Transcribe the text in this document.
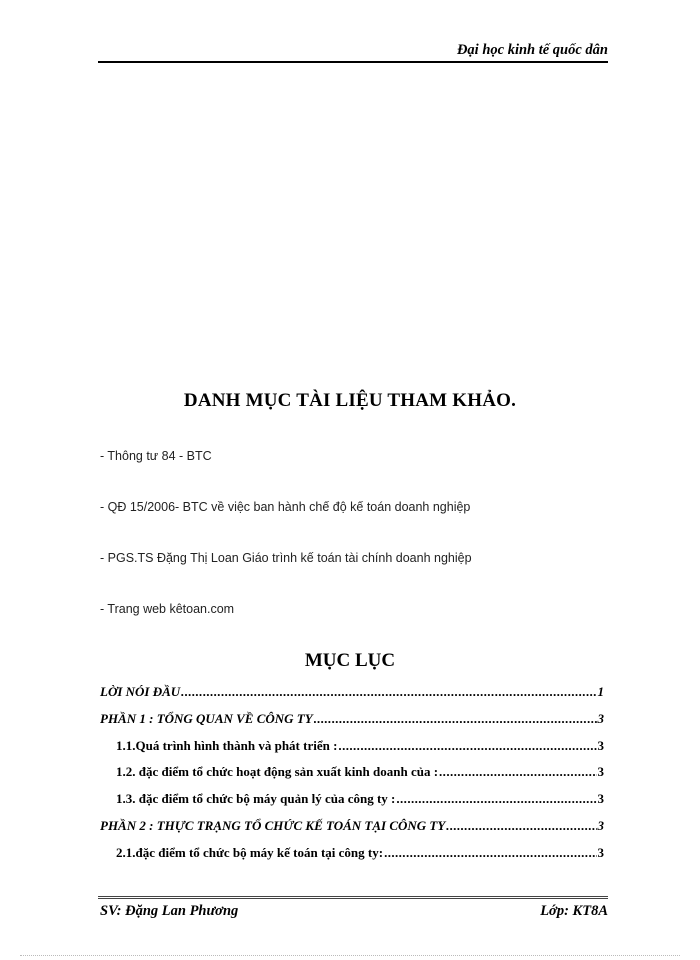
Đại học kinh tế quốc dân
DANH MỤC TÀI LIỆU THAM KHẢO.
- Thông tư 84 - BTC
- QĐ 15/2006- BTC về việc ban hành chế độ kế toán doanh nghiệp
- PGS.TS Đặng Thị Loan Giáo trình kế toán tài chính doanh nghiệp
- Trang web kêtoan.com
MỤC LỤC
LỜI NÓI ĐẦU .....	1
PHẦN 1 : TỔNG QUAN VỀ CÔNG TY .....	3
1.1.Quá trình hình thành và phát triển : .....	3
1.2. đặc điểm tổ chức hoạt động sản xuất kinh doanh của : .....	3
1.3. đặc điểm tổ chức bộ máy quản lý của công ty : .....	3
PHẦN 2 : THỰC TRẠNG TỔ CHỨC KẾ TOÁN TẠI CÔNG TY .....	3
2.1.đặc điểm tổ chức bộ máy kế toán tại công ty: .....	3
SV: Đặng Lan Phương	Lớp: KT8A
